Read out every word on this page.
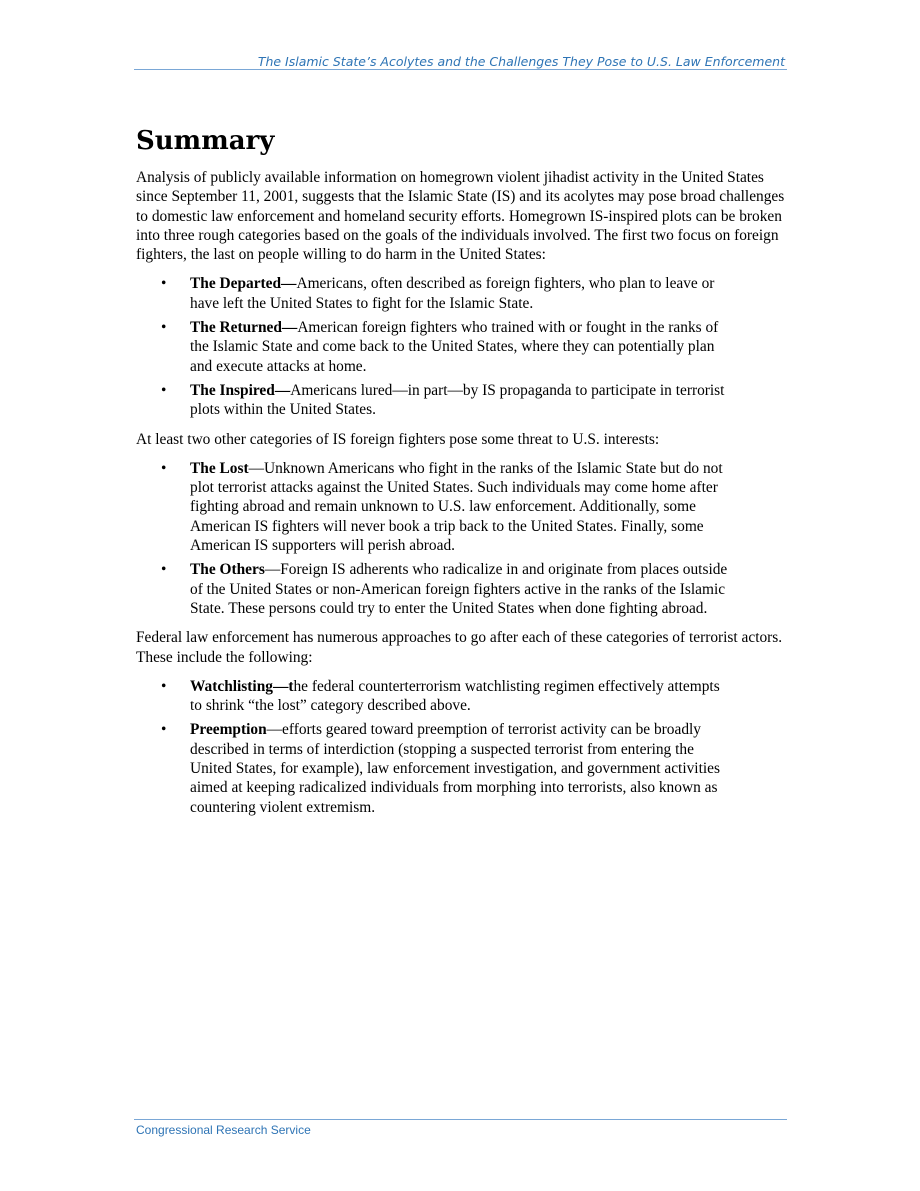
The Islamic State’s Acolytes and the Challenges They Pose to U.S. Law Enforcement
Summary

Analysis of publicly available information on homegrown violent jihadist activity in the United States since September 11, 2001, suggests that the Islamic State (IS) and its acolytes may pose broad challenges to domestic law enforcement and homeland security efforts. Homegrown IS-inspired plots can be broken into three rough categories based on the goals of the individuals involved. The first two focus on foreign fighters, the last on people willing to do harm in the United States:

• The Departed—Americans, often described as foreign fighters, who plan to leave or have left the United States to fight for the Islamic State.
• The Returned—American foreign fighters who trained with or fought in the ranks of the Islamic State and come back to the United States, where they can potentially plan and execute attacks at home.
• The Inspired—Americans lured—in part—by IS propaganda to participate in terrorist plots within the United States.

At least two other categories of IS foreign fighters pose some threat to U.S. interests:

• The Lost—Unknown Americans who fight in the ranks of the Islamic State but do not plot terrorist attacks against the United States. Such individuals may come home after fighting abroad and remain unknown to U.S. law enforcement. Additionally, some American IS fighters will never book a trip back to the United States. Finally, some American IS supporters will perish abroad.
• The Others—Foreign IS adherents who radicalize in and originate from places outside of the United States or non-American foreign fighters active in the ranks of the Islamic State. These persons could try to enter the United States when done fighting abroad.

Federal law enforcement has numerous approaches to go after each of these categories of terrorist actors. These include the following:

• Watchlisting—the federal counterterrorism watchlisting regimen effectively attempts to shrink “the lost” category described above.
• Preemption—efforts geared toward preemption of terrorist activity can be broadly described in terms of interdiction (stopping a suspected terrorist from entering the United States, for example), law enforcement investigation, and government activities aimed at keeping radicalized individuals from morphing into terrorists, also known as countering violent extremism.
Congressional Research Service
